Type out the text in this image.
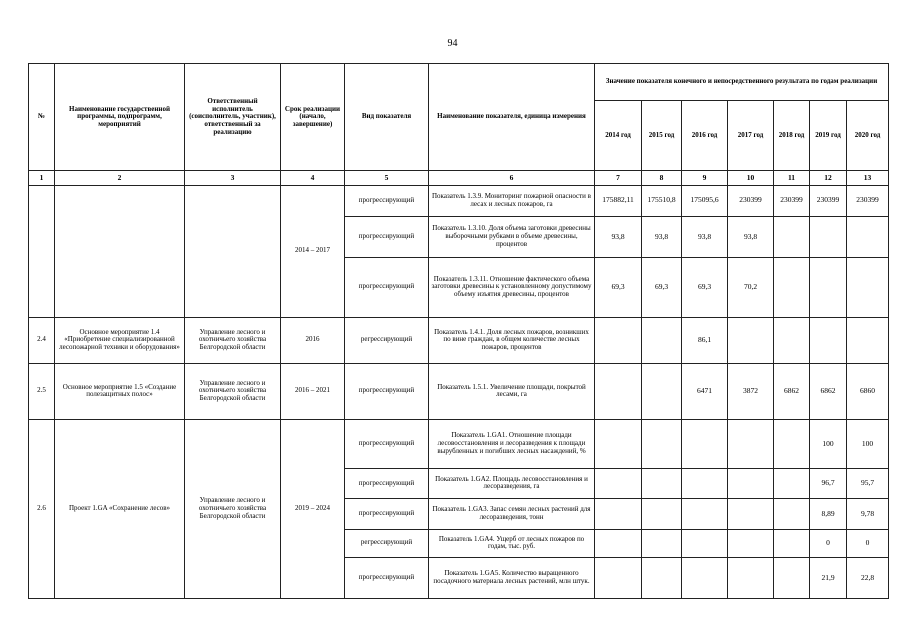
94
№	Наименование государственной программы, подпрограмм, мероприятий	Ответственный исполнитель (соисполнитель, участник), ответственный за реализацию	Срок реализации (начало, завершение)	Вид показателя	Наименование показателя, единица измерения	Значение показателя конечного и непосредственного результата по годам реализации						
						2014 год	2015 год	2016 год	2017 год	2018 год	2019 год	2020 год
1	2	3	4	5	6	7	8	9	10	11	12	13
			2014 – 2017	прогрессирующий	Показатель 1.3.9. Мониторинг пожарной опасности в лесах и лесных пожаров, га	175882,11	175510,8	175095,6	230399	230399	230399	230399
				прогрессирующий	Показатель 1.3.10. Доля объема заготовки древесины выборочными рубками в объеме древесины, процентов	93,8	93,8	93,8	93,8			
				прогрессирующий	Показатель 1.3.11. Отношение фактического объема заготовки древесины к установленному допустимому объему изъятия древесины, процентов	69,3	69,3	69,3	70,2			
2.4	Основное мероприятие 1.4 «Приобретение специализированной лесопожарной техники и оборудования»	Управление лесного и охотничьего хозяйства Белгородской области	2016	регрессирующий	Показатель 1.4.1. Доля лесных пожаров, возникших по вине граждан, в общем количестве лесных пожаров, процентов			86,1				
2.5	Основное мероприятие 1.5 «Создание полезащитных полос»	Управление лесного и охотничьего хозяйства Белгородской области	2016 – 2021	прогрессирующий	Показатель 1.5.1. Увеличение площади, покрытой лесами, га			6471	3872	6862	6862	6860
2.6	Проект 1.GA «Сохранение лесов»	Управление лесного и охотничьего хозяйства Белгородской области	2019 – 2024	прогрессирующий	Показатель 1.GA1. Отношение площади лесовосстановления и лесоразведения к площади вырубленных и погибших лесных насаждений, %						100	100
				прогрессирующий	Показатель 1.GA2. Площадь лесовосстановления и лесоразведения, га						96,7	95,7
				прогрессирующий	Показатель 1.GA3. Запас семян лесных растений для лесоразведения, тонн						8,89	9,78
				регрессирующий	Показатель 1.GA4. Ущерб от лесных пожаров по годам, тыс. руб.						0	0
				прогрессирующий	Показатель 1.GA5. Количество выращенного посадочного материала лесных растений, млн штук.						21,9	22,8
